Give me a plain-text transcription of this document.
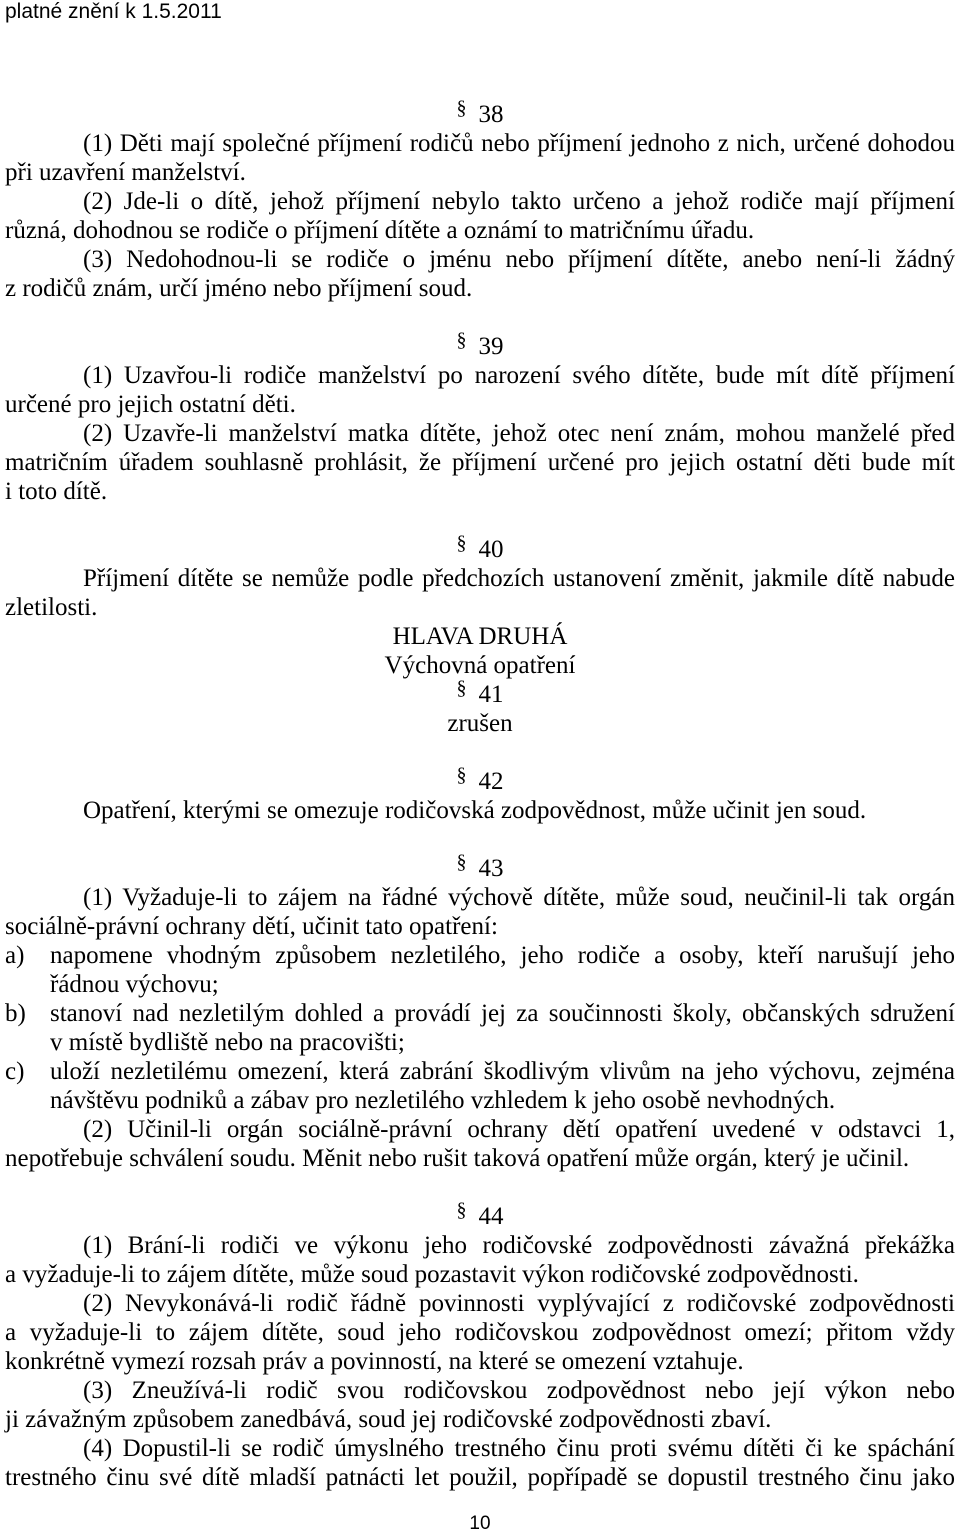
platné znění k 1.5.2011
§ 38
(1) Děti mají společné příjmení rodičů nebo příjmení jednoho z nich, určené dohodou
při uzavření manželství.
(2) Jde-li o dítě, jehož příjmení nebylo takto určeno a jehož rodiče mají příjmení
různá, dohodnou se rodiče o příjmení dítěte a oznámí to matričnímu úřadu.
(3) Nedohodnou-li se rodiče o jménu nebo příjmení dítěte, anebo není-li žádný
z rodičů znám, určí jméno nebo příjmení soud.
§ 39
(1) Uzavřou-li rodiče manželství po narození svého dítěte, bude mít dítě příjmení
určené pro jejich ostatní děti.
(2) Uzavře-li manželství matka dítěte, jehož otec není znám, mohou manželé před
matričním úřadem souhlasně prohlásit, že příjmení určené pro jejich ostatní děti bude mít
i toto dítě.
§ 40
Příjmení dítěte se nemůže podle předchozích ustanovení změnit, jakmile dítě nabude
zletilosti.
HLAVA DRUHÁ
Výchovná opatření
§ 41
zrušen
§ 42
Opatření, kterými se omezuje rodičovská zodpovědnost, může učinit jen soud.
§ 43
(1) Vyžaduje-li to zájem na řádné výchově dítěte, může soud, neučinil-li tak orgán
sociálně-právní ochrany dětí, učinit tato opatření:
a) napomene vhodným způsobem nezletilého, jeho rodiče a osoby, kteří narušují jeho
řádnou výchovu;
b) stanoví nad nezletilým dohled a provádí jej za součinnosti školy, občanských sdružení
v místě bydliště nebo na pracovišti;
c) uloží nezletilému omezení, která zabrání škodlivým vlivům na jeho výchovu, zejména
návštěvu podniků a zábav pro nezletilého vzhledem k jeho osobě nevhodných.
(2) Učinil-li orgán sociálně-právní ochrany dětí opatření uvedené v odstavci 1,
nepotřebuje schválení soudu. Měnit nebo rušit taková opatření může orgán, který je učinil.
§ 44
(1) Brání-li rodiči ve výkonu jeho rodičovské zodpovědnosti závažná překážka
a vyžaduje-li to zájem dítěte, může soud pozastavit výkon rodičovské zodpovědnosti.
(2) Nevykonává-li rodič řádně povinnosti vyplývající z rodičovské zodpovědnosti
a vyžaduje-li to zájem dítěte, soud jeho rodičovskou zodpovědnost omezí; přitom vždy
konkrétně vymezí rozsah práv a povinností, na které se omezení vztahuje.
(3) Zneužívá-li rodič svou rodičovskou zodpovědnost nebo její výkon nebo
ji závažným způsobem zanedbává, soud jej rodičovské zodpovědnosti zbaví.
(4) Dopustil-li se rodič úmyslného trestného činu proti svému dítěti či ke spáchání
trestného činu své dítě mladší patnácti let použil, popřípadě se dopustil trestného činu jako
10
